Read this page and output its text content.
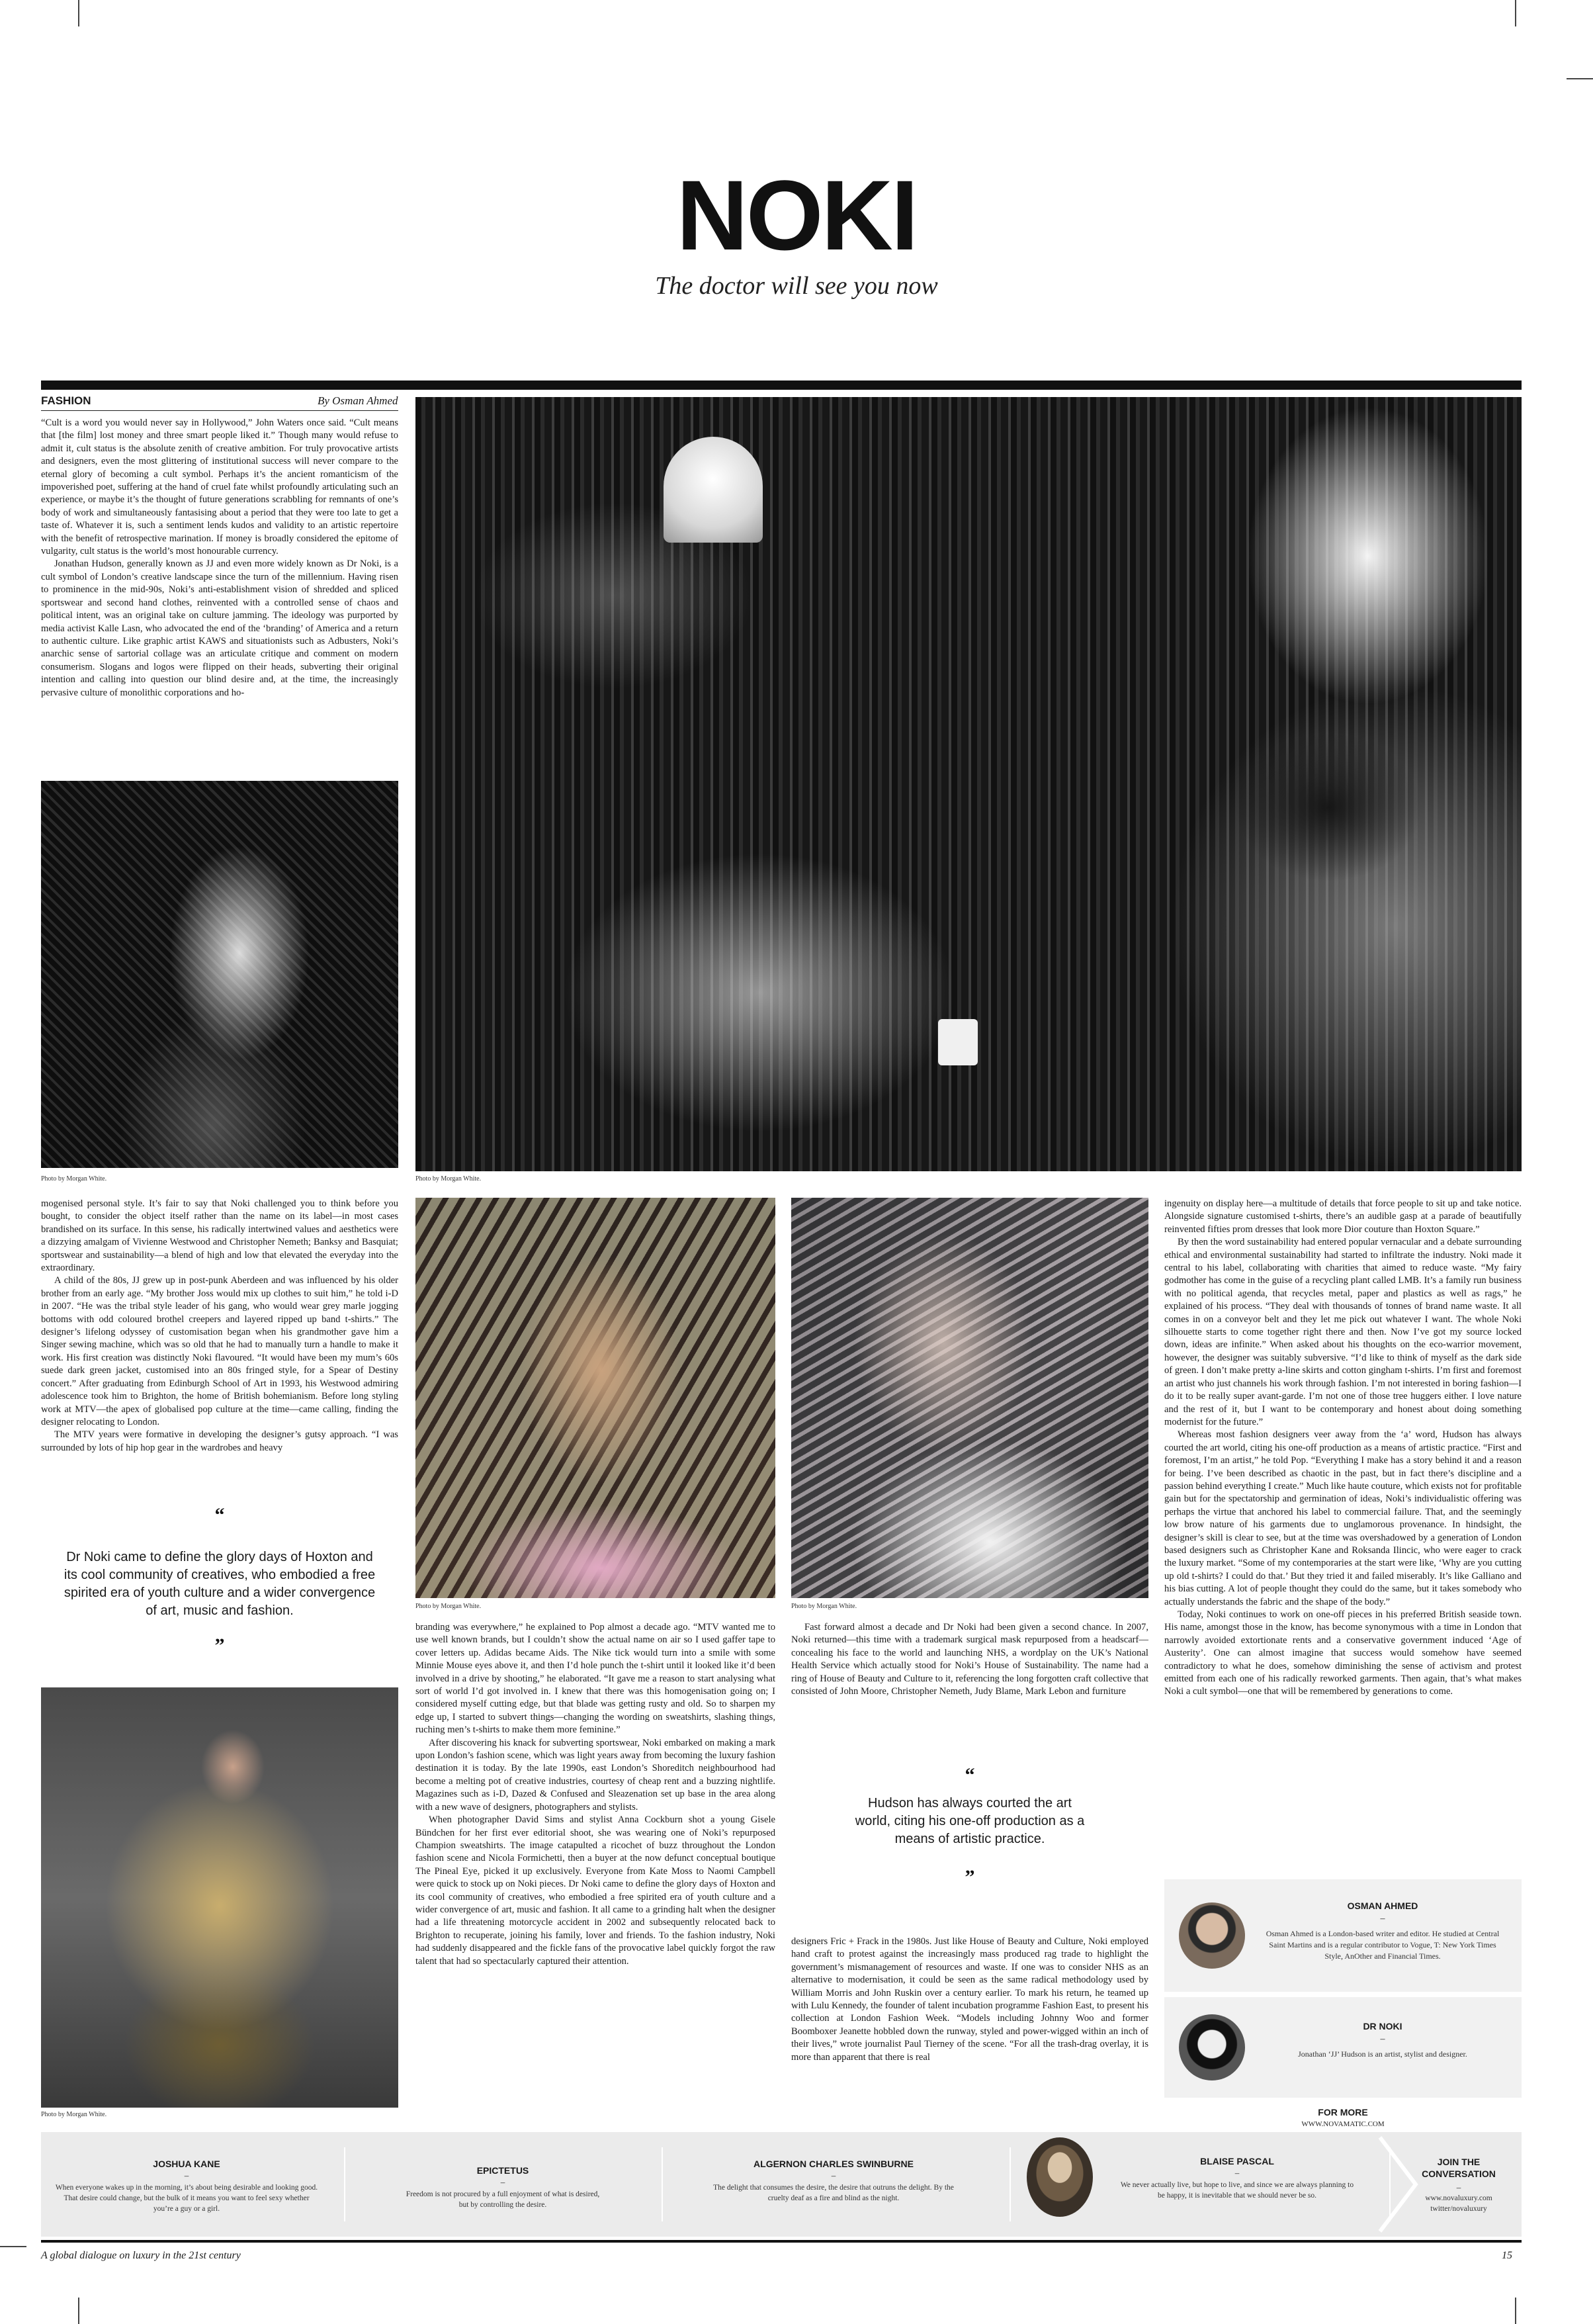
NOKI
The doctor will see you now
FASHION	By Osman Ahmed

“Cult is a word you would never say in Hollywood,” John Waters once said. “Cult means that [the film] lost money and three smart people liked it.” Though many would refuse to admit it, cult status is the absolute zenith of creative ambition. For truly provocative artists and designers, even the most glittering of institutional success will never compare to the eternal glory of becoming a cult symbol. Perhaps it’s the ancient romanticism of the impoverished poet, suffering at the hand of cruel fate whilst profoundly articulating such an experience, or maybe it’s the thought of future generations scrabbling for remnants of one’s body of work and simultaneously fantasising about a period that they were too late to get a taste of. Whatever it is, such a sentiment lends kudos and validity to an artistic repertoire with the benefit of retrospective marination. If money is broadly considered the epitome of vulgarity, cult status is the world’s most honourable currency.

Jonathan Hudson, generally known as JJ and even more widely known as Dr Noki, is a cult symbol of London’s creative landscape since the turn of the millennium. Having risen to prominence in the mid-90s, Noki’s anti-establishment vision of shredded and spliced sportswear and second hand clothes, reinvented with a controlled sense of chaos and political intent, was an original take on culture jamming. The ideology was purported by media activist Kalle Lasn, who advocated the end of the ‘branding’ of America and a return to authentic culture. Like graphic artist KAWS and situationists such as Adbusters, Noki’s anarchic sense of sartorial collage was an articulate critique and comment on modern consumerism. Slogans and logos were flipped on their heads, subverting their original intention and calling into question our blind desire and, at the time, the increasingly pervasive culture of monolithic corporations and ho-

Photo by Morgan White.
Photo by Morgan White.

mogenised personal style. It’s fair to say that Noki challenged you to think before you bought, to consider the object itself rather than the name on its label—in most cases brandished on its surface. In this sense, his radically intertwined values and aesthetics were a dizzying amalgam of Vivienne Westwood and Christopher Nemeth; Banksy and Basquiat; sportswear and sustainability—a blend of high and low that elevated the everyday into the extraordinary.

A child of the 80s, JJ grew up in post-punk Aberdeen and was influenced by his older brother from an early age. “My brother Joss would mix up clothes to suit him,” he told i-D in 2007. “He was the tribal style leader of his gang, who would wear grey marle jogging bottoms with odd coloured brothel creepers and layered ripped up band t-shirts.” The designer’s lifelong odyssey of customisation began when his grandmother gave him a Singer sewing machine, which was so old that he had to manually turn a handle to make it work. His first creation was distinctly Noki flavoured. “It would have been my mum’s 60s suede dark green jacket, customised into an 80s fringed style, for a Spear of Destiny concert.” After graduating from Edinburgh School of Art in 1993, his Westwood admiring adolescence took him to Brighton, the home of British bohemianism. Before long styling work at MTV—the apex of globalised pop culture at the time—came calling, finding the designer relocating to London.

The MTV years were formative in developing the designer’s gutsy approach. “I was surrounded by lots of hip hop gear in the wardrobes and heavy

“
Dr Noki came to define the glory days of Hoxton and its cool community of creatives, who embodied a free spirited era of youth culture and a wider convergence of art, music and fashion.
”
Photo by Morgan White.
Photo by Morgan White.	Photo by Morgan White.

branding was everywhere,” he explained to Pop almost a decade ago. “MTV wanted me to use well known brands, but I couldn’t show the actual name on air so I used gaffer tape to cover letters up. Adidas became Aids. The Nike tick would turn into a smile with some Minnie Mouse eyes above it, and then I’d hole punch the t-shirt until it looked like it’d been involved in a drive by shooting,” he elaborated. “It gave me a reason to start analysing what sort of world I’d got involved in. I knew that there was this homogenisation going on; I considered myself cutting edge, but that blade was getting rusty and old. So to sharpen my edge up, I started to subvert things—changing the wording on sweatshirts, slashing things, ruching men’s t-shirts to make them more feminine.”

After discovering his knack for subverting sportswear, Noki embarked on making a mark upon London’s fashion scene, which was light years away from becoming the luxury fashion destination it is today. By the late 1990s, east London’s Shoreditch neighbourhood had become a melting pot of creative industries, courtesy of cheap rent and a buzzing nightlife. Magazines such as i-D, Dazed & Confused and Sleazenation set up base in the area along with a new wave of designers, photographers and stylists.

When photographer David Sims and stylist Anna Cockburn shot a young Gisele Bündchen for her first ever editorial shoot, she was wearing one of Noki’s repurposed Champion sweatshirts. The image catapulted a ricochet of buzz throughout the London fashion scene and Nicola Formichetti, then a buyer at the now defunct conceptual boutique The Pineal Eye, picked it up exclusively. Everyone from Kate Moss to Naomi Campbell were quick to stock up on Noki pieces. Dr Noki came to define the glory days of Hoxton and its cool community of creatives, who embodied a free spirited era of youth culture and a wider convergence of art, music and fashion. It all came to a grinding halt when the designer had a life threatening motorcycle accident in 2002 and subsequently relocated back to Brighton to recuperate, joining his family, lover and friends. To the fashion industry, Noki had suddenly disappeared and the fickle fans of the provocative label quickly forgot the raw talent that had so spectacularly captured their attention.

Fast forward almost a decade and Dr Noki had been given a second chance. In 2007, Noki returned—this time with a trademark surgical mask repurposed from a headscarf—concealing his face to the world and launching NHS, a wordplay on the UK’s National Health Service which actually stood for Noki’s House of Sustainability. The name had a ring of House of Beauty and Culture to it, referencing the long forgotten craft collective that consisted of John Moore, Christopher Nemeth, Judy Blame, Mark Lebon and furniture

“
Hudson has always courted the art world, citing his one-off production as a means of artistic practice.
”

designers Fric + Frack in the 1980s. Just like House of Beauty and Culture, Noki employed hand craft to protest against the increasingly mass produced rag trade to highlight the government’s mismanagement of resources and waste. If one was to consider NHS as an alternative to modernisation, it could be seen as the same radical methodology used by William Morris and John Ruskin over a century earlier. To mark his return, he teamed up with Lulu Kennedy, the founder of talent incubation programme Fashion East, to present his collection at London Fashion Week. “Models including Johnny Woo and former Boomboxer Jeanette hobbled down the runway, styled and power-wigged within an inch of their lives,” wrote journalist Paul Tierney of the scene. “For all the trash-drag overlay, it is more than apparent that there is real

ingenuity on display here—a multitude of details that force people to sit up and take notice. Alongside signature customised t-shirts, there’s an audible gasp at a parade of beautifully reinvented fifties prom dresses that look more Dior couture than Hoxton Square.”

By then the word sustainability had entered popular vernacular and a debate surrounding ethical and environmental sustainability had started to infiltrate the industry. Noki made it central to his label, collaborating with charities that aimed to reduce waste. “My fairy godmother has come in the guise of a recycling plant called LMB. It’s a family run business with no political agenda, that recycles metal, paper and plastics as well as rags,” he explained of his process. “They deal with thousands of tonnes of brand name waste. It all comes in on a conveyor belt and they let me pick out whatever I want. The whole Noki silhouette starts to come together right there and then. Now I’ve got my source locked down, ideas are infinite.” When asked about his thoughts on the eco-warrior movement, however, the designer was suitably subversive. “I’d like to think of myself as the dark side of green. I don’t make pretty a-line skirts and cotton gingham t-shirts. I’m first and foremost an artist who just channels his work through fashion. I’m not interested in boring fashion—I do it to be really super avant-garde. I’m not one of those tree huggers either. I love nature and the rest of it, but I want to be contemporary and honest about doing something modernist for the future.”

Whereas most fashion designers veer away from the ‘a’ word, Hudson has always courted the art world, citing his one-off production as a means of artistic practice. “First and foremost, I’m an artist,” he told Pop. “Everything I make has a story behind it and a reason for being. I’ve been described as chaotic in the past, but in fact there’s discipline and a passion behind everything I create.” Much like haute couture, which exists not for profitable gain but for the spectatorship and germination of ideas, Noki’s individualistic offering was perhaps the virtue that anchored his label to commercial failure. That, and the seemingly low brow nature of his garments due to unglamorous provenance. In hindsight, the designer’s skill is clear to see, but at the time was overshadowed by a generation of London based designers such as Christopher Kane and Roksanda Ilincic, who were eager to crack the luxury market. “Some of my contemporaries at the start were like, ‘Why are you cutting up old t-shirts? I could do that.’ But they tried it and failed miserably. It’s like Galliano and his bias cutting. A lot of people thought they could do the same, but it takes somebody who actually understands the fabric and the shape of the body.”

Today, Noki continues to work on one-off pieces in his preferred British seaside town. His name, amongst those in the know, has become synonymous with a time in London that narrowly avoided extortionate rents and a conservative government induced ‘Age of Austerity’. One can almost imagine that success would somehow have seemed contradictory to what he does, somehow diminishing the sense of activism and protest emitted from each one of his radically reworked garments. Then again, that’s what makes Noki a cult symbol—one that will be remembered by generations to come.

OSMAN AHMED
–
Osman Ahmed is a London-based writer and editor. He studied at Central Saint Martins and is a regular contributor to Vogue, T: New York Times Style, AnOther and Financial Times.
DR NOKI
–
Jonathan ‘JJ’ Hudson is an artist, stylist and designer.
FOR MORE
WWW.NOVAMATIC.COM
JOSHUA KANE
–
When everyone wakes up in the morning, it’s about being desirable and looking good. That desire could change, but the bulk of it means you want to feel sexy whether you’re a guy or a girl.
EPICTETUS
–
Freedom is not procured by a full enjoyment of what is desired, but by controlling the desire.
ALGERNON CHARLES SWINBURNE
–
The delight that consumes the desire, the desire that outruns the delight. By the cruelty deaf as a fire and blind as the night.
BLAISE PASCAL
–
We never actually live, but hope to live, and since we are always planning to be happy, it is inevitable that we should never be so.
JOIN THE CONVERSATION
–
www.novaluxury.com
twitter/novaluxury
A global dialogue on luxury in the 21st century	15
